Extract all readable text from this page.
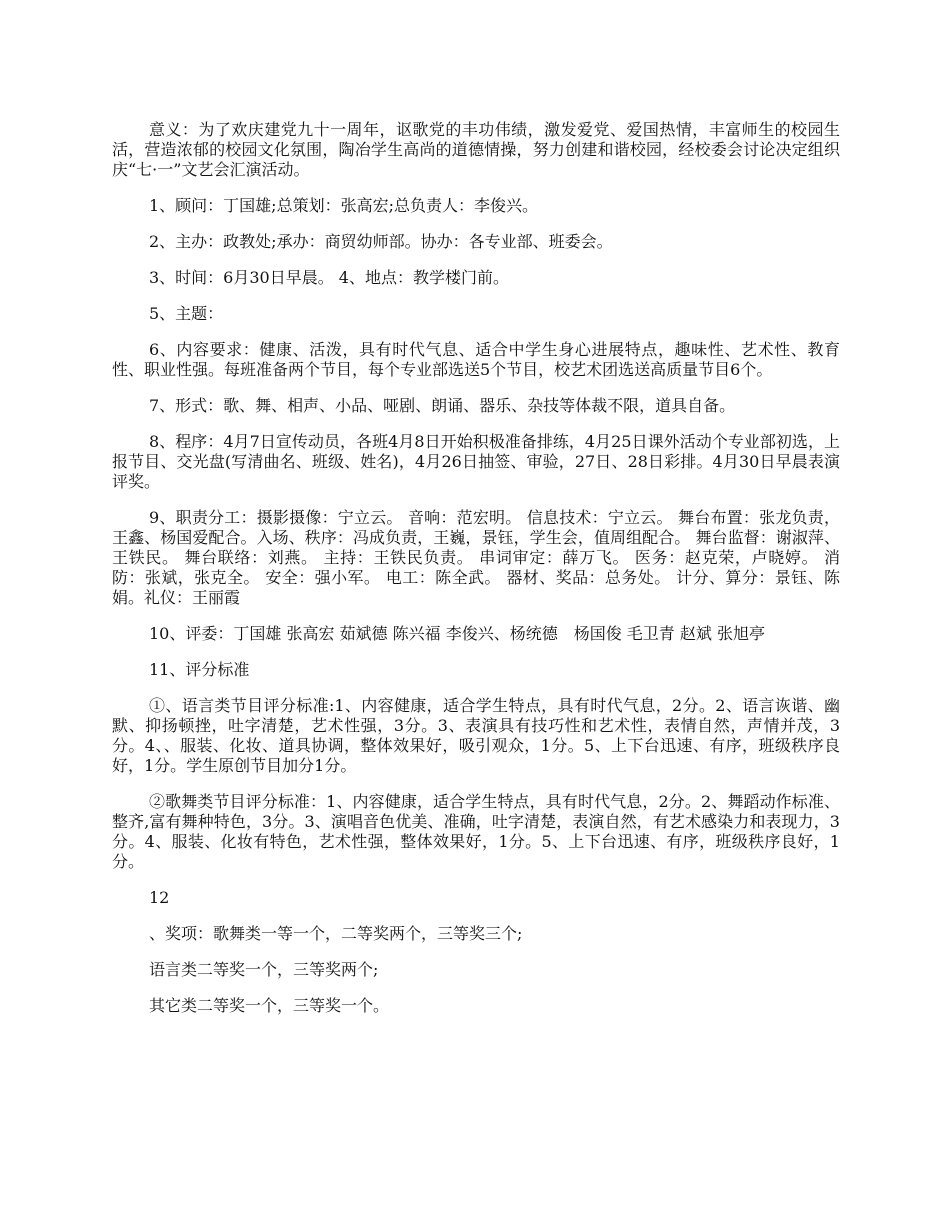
意义：为了欢庆建党九十一周年，讴歌党的丰功伟绩，激发爱党、爱国热情，丰富师生的校园生活，营造浓郁的校园文化氛围，陶冶学生高尚的道德情操，努力创建和谐校园，经校委会讨论决定组织庆“七·一”文艺会汇演活动。

1、顾问：丁国雄;总策划：张高宏;总负责人：李俊兴。

2、主办：政教处;承办：商贸幼师部。协办：各专业部、班委会。

3、时间：6月30日早晨。 4、地点：教学楼门前。

5、主题：

6、内容要求：健康、活泼，具有时代气息、适合中学生身心进展特点，趣味性、艺术性、教育性、职业性强。每班准备两个节目，每个专业部选送5个节目，校艺术团选送高质量节目6个。

7、形式：歌、舞、相声、小品、哑剧、朗诵、器乐、杂技等体裁不限，道具自备。

8、程序：4月7日宣传动员，各班4月8日开始积极准备排练，4月25日课外活动个专业部初选，上报节目、交光盘(写清曲名、班级、姓名)，4月26日抽签、审验，27日、28日彩排。4月30日早晨表演评奖。

9、职责分工：摄影摄像：宁立云。 音响：范宏明。 信息技术：宁立云。 舞台布置：张龙负责，王鑫、杨国爱配合。入场、秩序：冯成负责，王巍，景钰，学生会，值周组配合。 舞台监督：谢淑萍、王铁民。 舞台联络：刘燕。 主持：王铁民负责。 串词审定：薛万飞。 医务：赵克荣，卢晓婷。 消防：张斌，张克全。 安全：强小军。 电工：陈全武。 器材、奖品：总务处。 计分、算分：景钰、陈娟。礼仪：王丽霞

10、评委：丁国雄 张高宏 茹斌德 陈兴福 李俊兴、杨统德　杨国俊 毛卫青 赵斌 张旭亭

11、评分标准

①、语言类节目评分标准:1、内容健康，适合学生特点，具有时代气息，2分。2、语言诙谐、幽默、抑扬顿挫，吐字清楚，艺术性强，3分。3、表演具有技巧性和艺术性，表情自然，声情并茂，3分。4、、服装、化妆、道具协调，整体效果好，吸引观众，1分。5、上下台迅速、有序，班级秩序良好，1分。学生原创节目加分1分。

②歌舞类节目评分标准：1、内容健康，适合学生特点，具有时代气息，2分。2、舞蹈动作标准、整齐,富有舞种特色，3分。3、演唱音色优美、准确，吐字清楚，表演自然，有艺术感染力和表现力，3分。4、服装、化妆有特色，艺术性强，整体效果好，1分。5、上下台迅速、有序，班级秩序良好，1分。

12

、奖项：歌舞类一等一个，二等奖两个，三等奖三个;

语言类二等奖一个，三等奖两个;

其它类二等奖一个，三等奖一个。
